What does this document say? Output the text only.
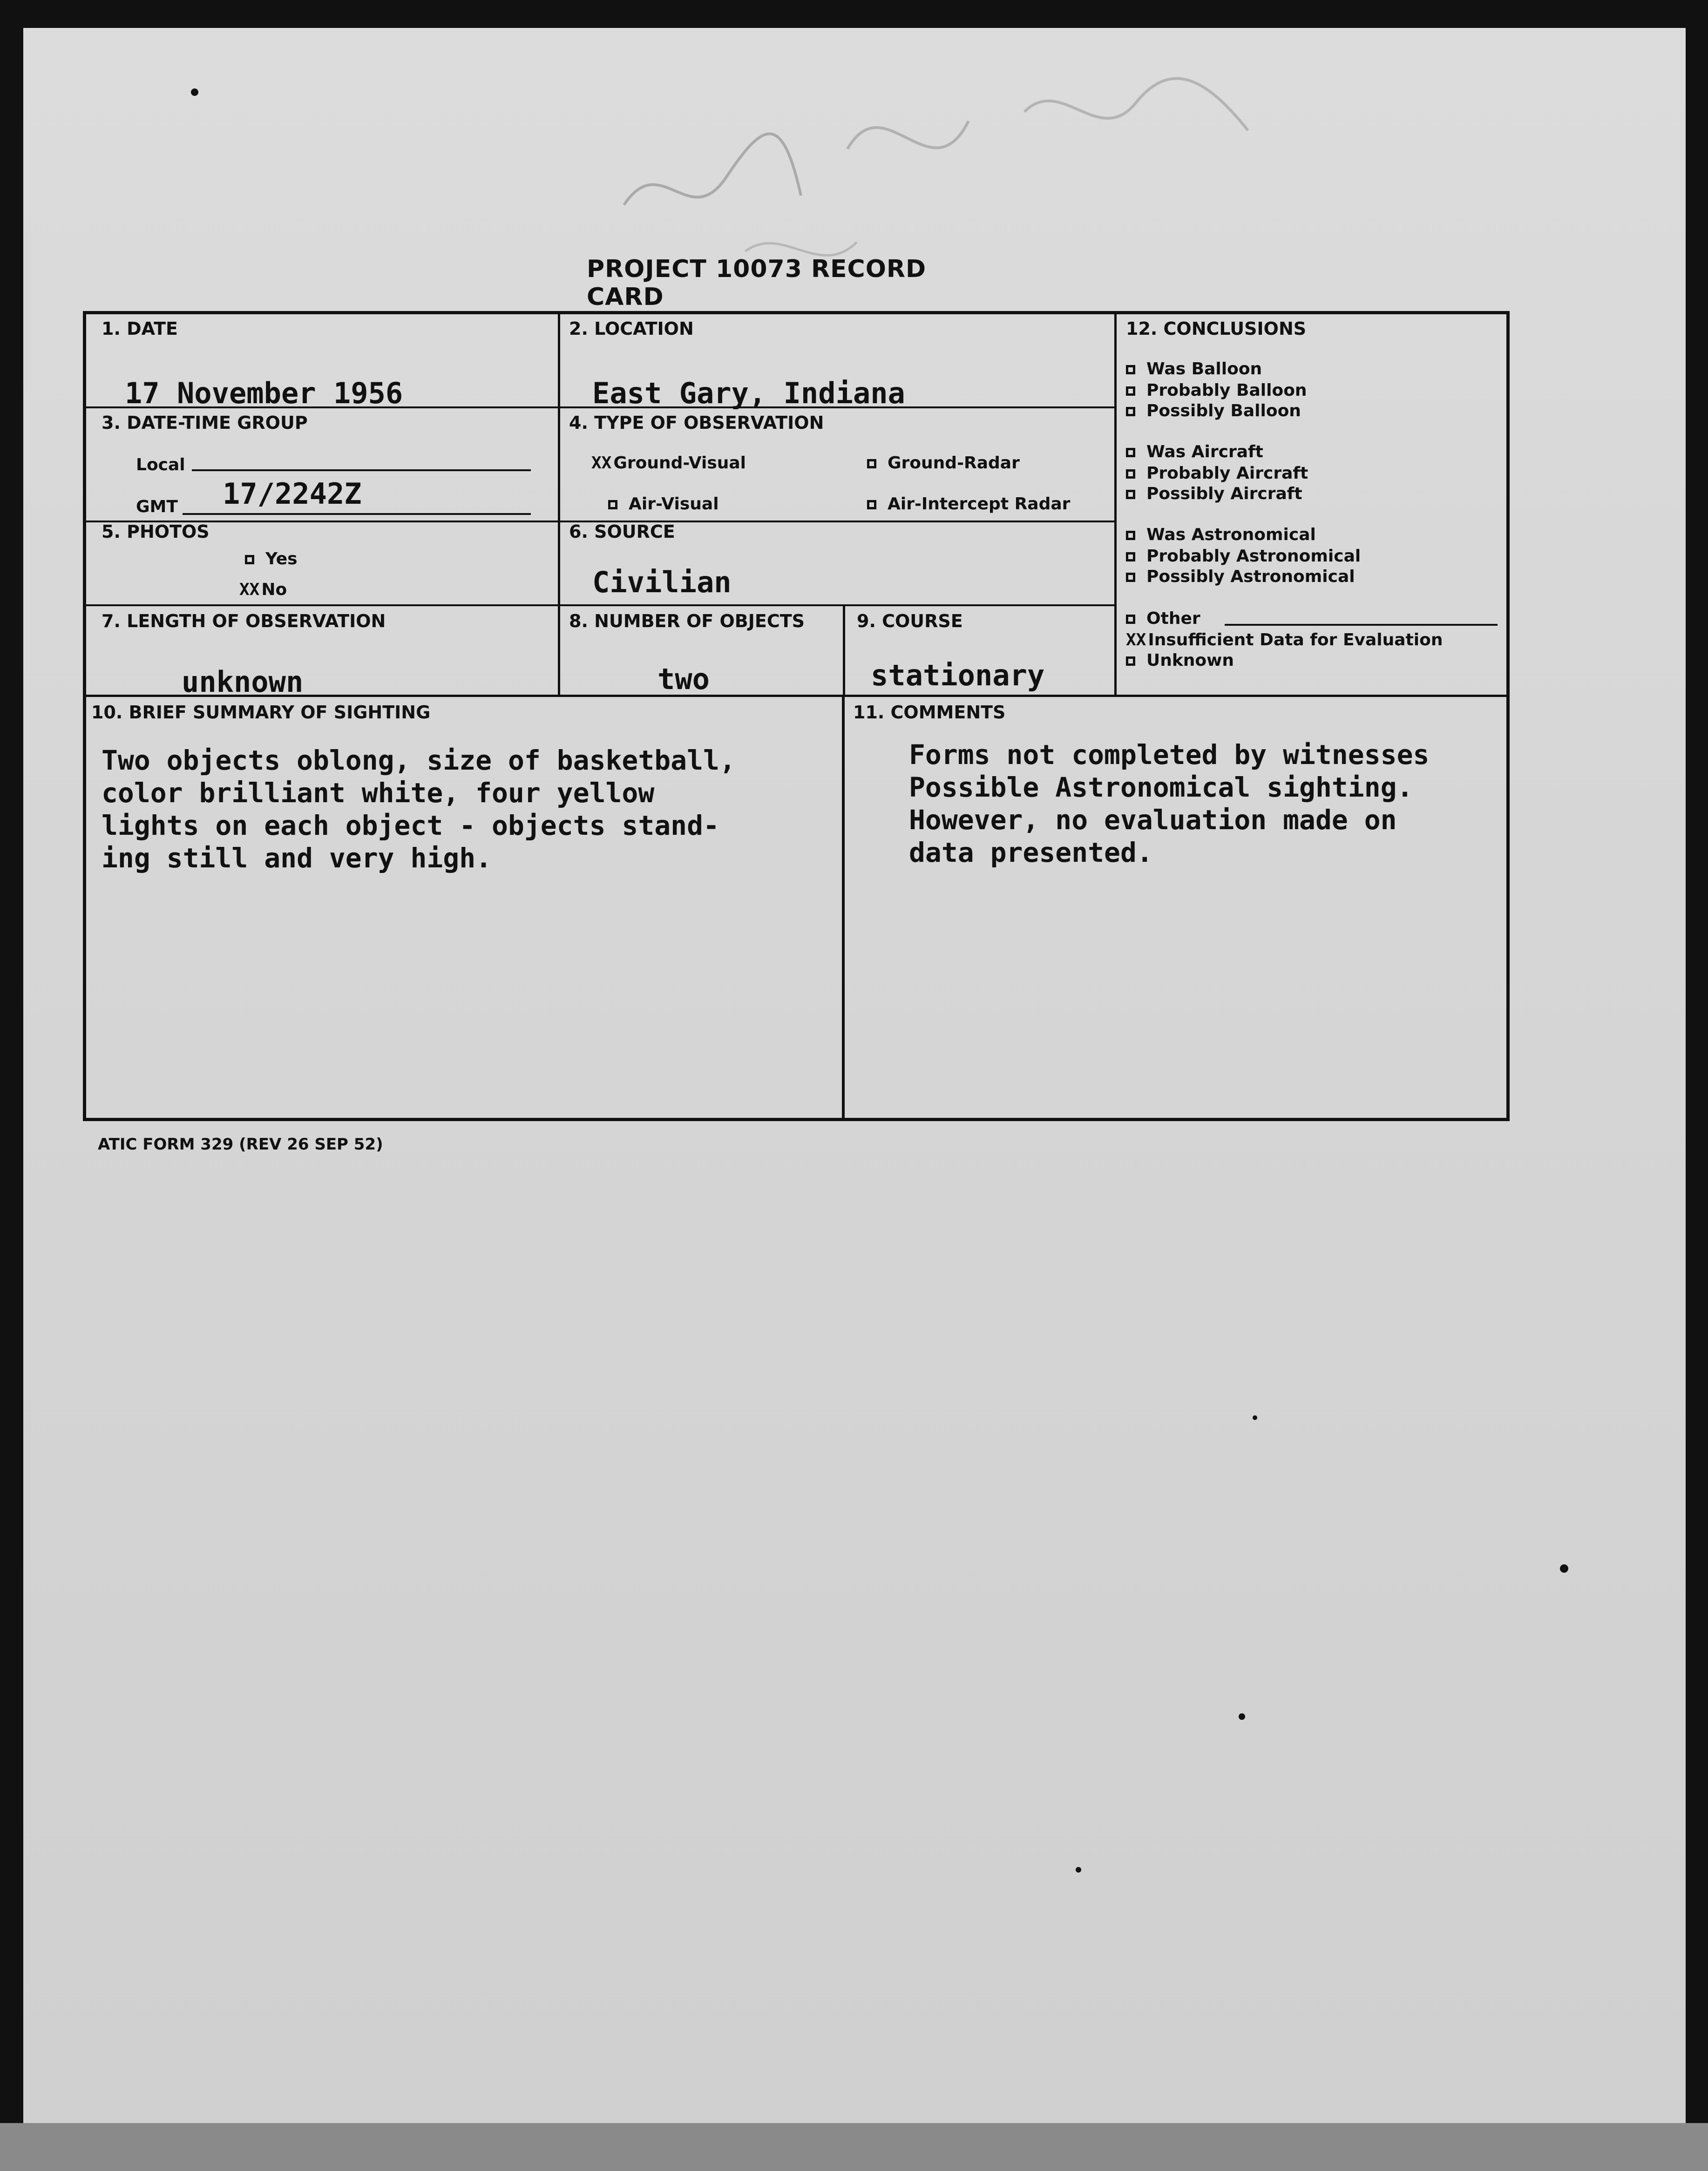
PROJECT 10073 RECORD CARD
1. DATE
17 November 1956
2. LOCATION
East Gary, Indiana
3. DATE-TIME GROUP
Local
GMT 17/2242Z
4. TYPE OF OBSERVATION
XX Ground-Visual	Ground-Radar
Air-Visual	Air-Intercept Radar
5. PHOTOS
Yes
XX No
6. SOURCE
Civilian
7. LENGTH OF OBSERVATION
unknown
8. NUMBER OF OBJECTS
two
9. COURSE
stationary
12. CONCLUSIONS
Was Balloon
Probably Balloon
Possibly Balloon
Was Aircraft
Probably Aircraft
Possibly Aircraft
Was Astronomical
Probably Astronomical
Possibly Astronomical
Other
XX Insufficient Data for Evaluation
Unknown
10. BRIEF SUMMARY OF SIGHTING
Two objects oblong, size of basketball,
color brilliant white, four yellow
lights on each object - objects stand-
ing still and very high.
11. COMMENTS
Forms not completed by witnesses
Possible Astronomical sighting.
However, no evaluation made on
data presented.
ATIC FORM 329 (REV 26 SEP 52)
